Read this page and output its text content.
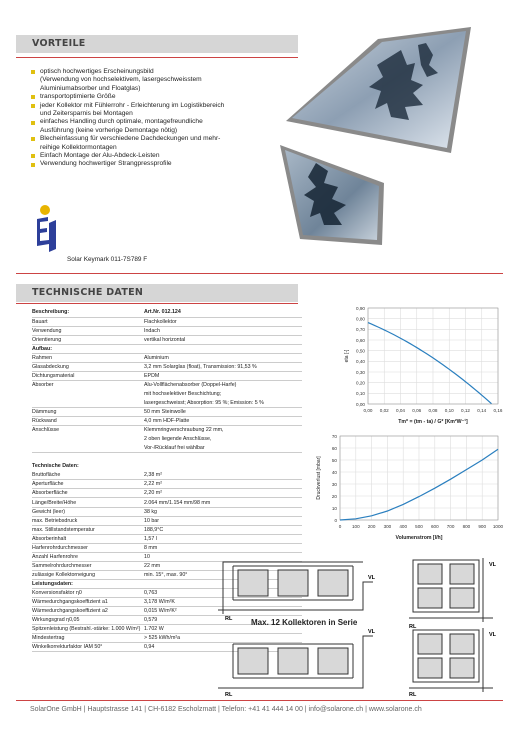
VORTEILE
optisch hochwertiges Erscheinungsbild
(Verwendung von hochselektivem, lasergeschweisstem
Aluminiumabsorber und Floatglas)
transportoptimierte Größe
jeder Kollektor mit Fühlerrohr - Erleichterung im Logistikbereich
und Zeitersparnis bei Montagen
einfaches Handling durch optimale, montagefreundliche
Ausführung (keine vorherige Demontage nötig)
Blecheinfassung für verschiedene Dachdeckungen und mehr-
reihige Kollektormontagen
Einfach Montage der Alu-Abdeck-Leisten
Verwendung hochwertiger Strangpressprofile
Solar Keymark 011-7S789 F
TECHNISCHE DATEN
Beschreibung:	Art.Nr. 012.124
Bauart	Flachkollektor
Verwendung	Indach
Orientierung	vertikal horizontal
Aufbau:	
Rahmen	Aluminium
Glasabdeckung	3,2 mm Solarglas (float), Transmission: 91,53 %
Dichtungsmaterial	EPDM
Absorber	Alu-Vollflächenabsorber (Doppel-Harfe)
	mit hochselektiver Beschichtung;
	lasergeschweisst; Absorption: 95 %; Emission: 5 %
Dämmung	50 mm Steinwolle
Rückwand	4,0 mm HDF-Platte
Anschlüsse	Klemmringverschraubung 22 mm,
	2 oben liegende Anschlüsse,
	Vor-/Rücklauf frei wählbar

Technische Daten:	
Bruttofläche	2,38 m²
Aperturfläche	2,22 m²
Absorberfläche	2,20 m²
Länge/Breite/Höhe	2.064 mm/1.154 mm/98 mm
Gewicht (leer)	38 kg
max. Betriebsdruck	10 bar
max. Stillstandstemperatur	188,9°C
Absorberinhalt	1,57 l
Harfenrohrdurchmesser	8 mm
Anzahl Harfenrohre	10
Sammelrohrdurchmesser	22 mm
zulässige Kollektorneigung	min. 15°, max. 90°
Leistungsdaten:	
Konversionsfaktor η0	0,763
Wärmedurchgangskoeffizient a1	3,178 W/m²K
Wärmedurchgangskoeffizient a2	0,015 W/m²K²
Wirkungsgrad η0,05	0,579
Spitzenleistung (Bestrahl.-stärke: 1.000 W/m²)	1.702 W
Mindestertrag	> 525 kWh/m²a
Winkelkorrekturfaktor IAM 50°	0,94
0,00
0,10
0,20
0,30
0,40
0,50
0,60
0,70
0,80
0,90
0,00 0,02 0,04 0,06 0,08 0,10 0,12 0,14 0,16
eta [-]
Tm* = (tm - ta) / G* [Km²W⁻¹]
0
10
20
30
40
50
60
70
0 100 200 300 400 500 600 700 800 900 1000
Druckverlust [mbar]
Volumenstrom [l/h]
Max. 12 Kollektoren in Serie
VL
RL
VL
RL
VL
RL
VL
RL
SolarOne GmbH | Hauptstrasse 141 | CH-6182 Escholzmatt | Telefon: +41 41 444 14 00 | info@solarone.ch | www.solarone.ch
